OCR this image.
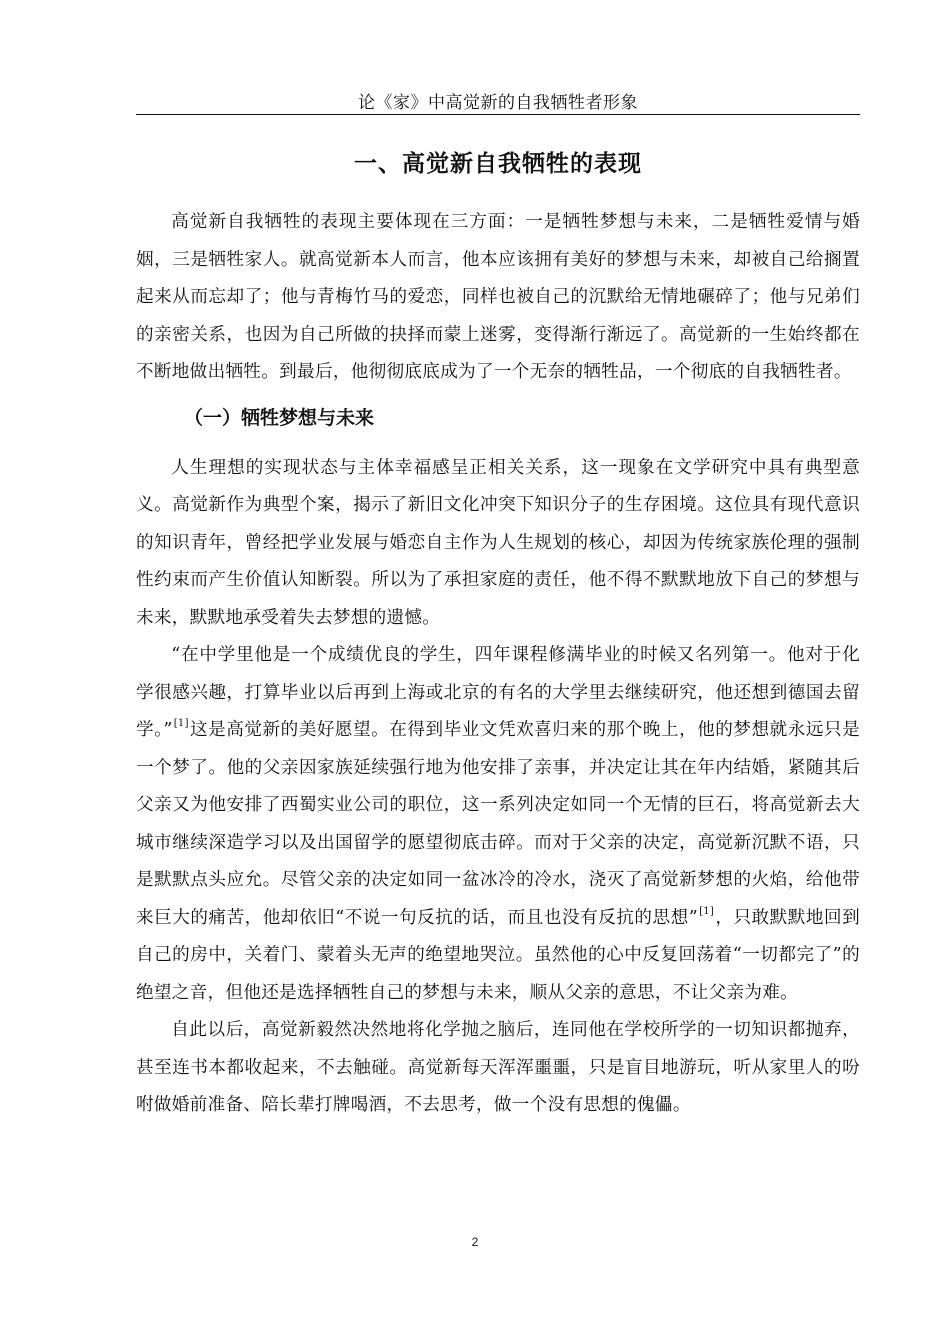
论《家》中高觉新的自我牺牲者形象
一、高觉新自我牺牲的表现

高觉新自我牺牲的表现主要体现在三方面：一是牺牲梦想与未来，二是牺牲爱情与婚姻，三是牺牲家人。就高觉新本人而言，他本应该拥有美好的梦想与未来，却被自己给搁置起来从而忘却了；他与青梅竹马的爱恋，同样也被自己的沉默给无情地碾碎了；他与兄弟们的亲密关系，也因为自己所做的抉择而蒙上迷雾，变得渐行渐远了。高觉新的一生始终都在不断地做出牺牲。到最后，他彻彻底底成为了一个无奈的牺牲品，一个彻底的自我牺牲者。

（一）牺牲梦想与未来

人生理想的实现状态与主体幸福感呈正相关关系，这一现象在文学研究中具有典型意义。高觉新作为典型个案，揭示了新旧文化冲突下知识分子的生存困境。这位具有现代意识的知识青年，曾经把学业发展与婚恋自主作为人生规划的核心，却因为传统家族伦理的强制性约束而产生价值认知断裂。所以为了承担家庭的责任，他不得不默默地放下自己的梦想与未来，默默地承受着失去梦想的遗憾。

“在中学里他是一个成绩优良的学生，四年课程修满毕业的时候又名列第一。他对于化学很感兴趣，打算毕业以后再到上海或北京的有名的大学里去继续研究，他还想到德国去留学。”[1]这是高觉新的美好愿望。在得到毕业文凭欢喜归来的那个晚上，他的梦想就永远只是一个梦了。他的父亲因家族延续强行地为他安排了亲事，并决定让其在年内结婚，紧随其后父亲又为他安排了西蜀实业公司的职位，这一系列决定如同一个无情的巨石，将高觉新去大城市继续深造学习以及出国留学的愿望彻底击碎。而对于父亲的决定，高觉新沉默不语，只是默默点头应允。尽管父亲的决定如同一盆冰冷的冷水，浇灭了高觉新梦想的火焰，给他带来巨大的痛苦，他却依旧“不说一句反抗的话，而且也没有反抗的思想”[1]，只敢默默地回到自己的房中，关着门、蒙着头无声的绝望地哭泣。虽然他的心中反复回荡着“一切都完了”的绝望之音，但他还是选择牺牲自己的梦想与未来，顺从父亲的意思，不让父亲为难。

自此以后，高觉新毅然决然地将化学抛之脑后，连同他在学校所学的一切知识都抛弃，甚至连书本都收起来，不去触碰。高觉新每天浑浑噩噩，只是盲目地游玩，听从家里人的吩咐做婚前准备、陪长辈打牌喝酒，不去思考，做一个没有思想的傀儡。

2
